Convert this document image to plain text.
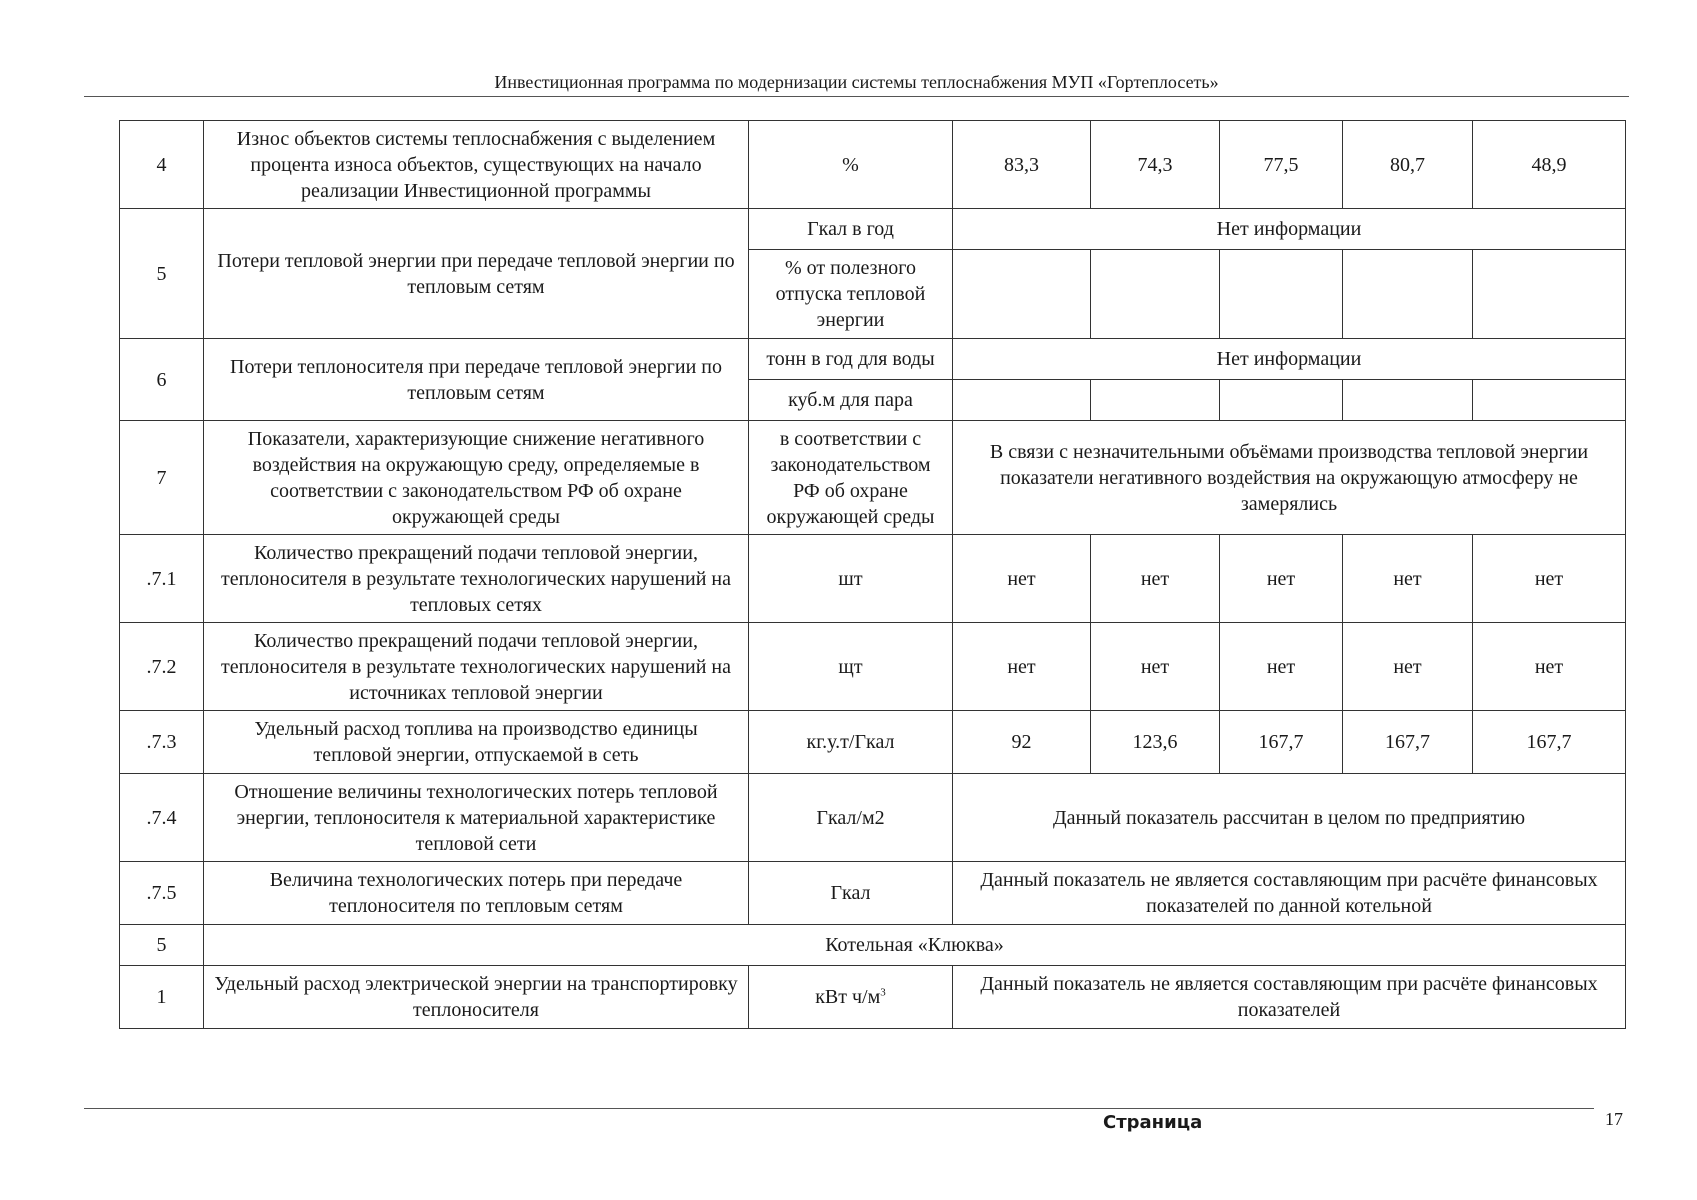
Инвестиционная программа по модернизации системы теплоснабжения МУП «Гортеплосеть»
4	Износ объектов системы теплоснабжения с выделением процента износа объектов, существующих на начало реализации Инвестиционной программы	%	83,3	74,3	77,5	80,7	48,9
5	Потери тепловой энергии при передаче тепловой энергии по тепловым сетям	Гкал в год	Нет информации				
		% от полезного отпуска тепловой энергии					
6	Потери теплоносителя при передаче тепловой энергии по тепловым сетям	тонн в год для воды	Нет информации				
		куб.м для пара					
7	Показатели, характеризующие снижение негативного воздействия на окружающую среду, определяемые в соответствии с законодательством РФ об охране окружающей среды	в соответствии с законодательством РФ об охране окружающей среды	В связи с незначительными объёмами производства тепловой энергии показатели негативного воздействия на окружающую атмосферу не замерялись				
.7.1	Количество прекращений подачи тепловой энергии, теплоносителя в результате технологических нарушений на тепловых сетях	шт	нет	нет	нет	нет	нет
.7.2	Количество прекращений подачи тепловой энергии, теплоносителя в результате технологических нарушений на источниках тепловой энергии	щт	нет	нет	нет	нет	нет
.7.3	Удельный расход топлива на производство единицы тепловой энергии, отпускаемой в сеть	кг.у.т/Гкал	92	123,6	167,7	167,7	167,7
.7.4	Отношение величины технологических потерь тепловой энергии, теплоносителя к материальной характеристике тепловой сети	Гкал/м2	Данный показатель рассчитан в целом по предприятию				
.7.5	Величина технологических потерь при передаче теплоносителя по тепловым сетям	Гкал	Данный показатель не является составляющим при расчёте финансовых показателей по данной котельной				
5	Котельная «Клюква»						
1	Удельный расход электрической энергии на транспортировку теплоносителя	кВт $ч/м^3$	Данный показатель не является составляющим при расчёте финансовых показателей				
Страница	17
